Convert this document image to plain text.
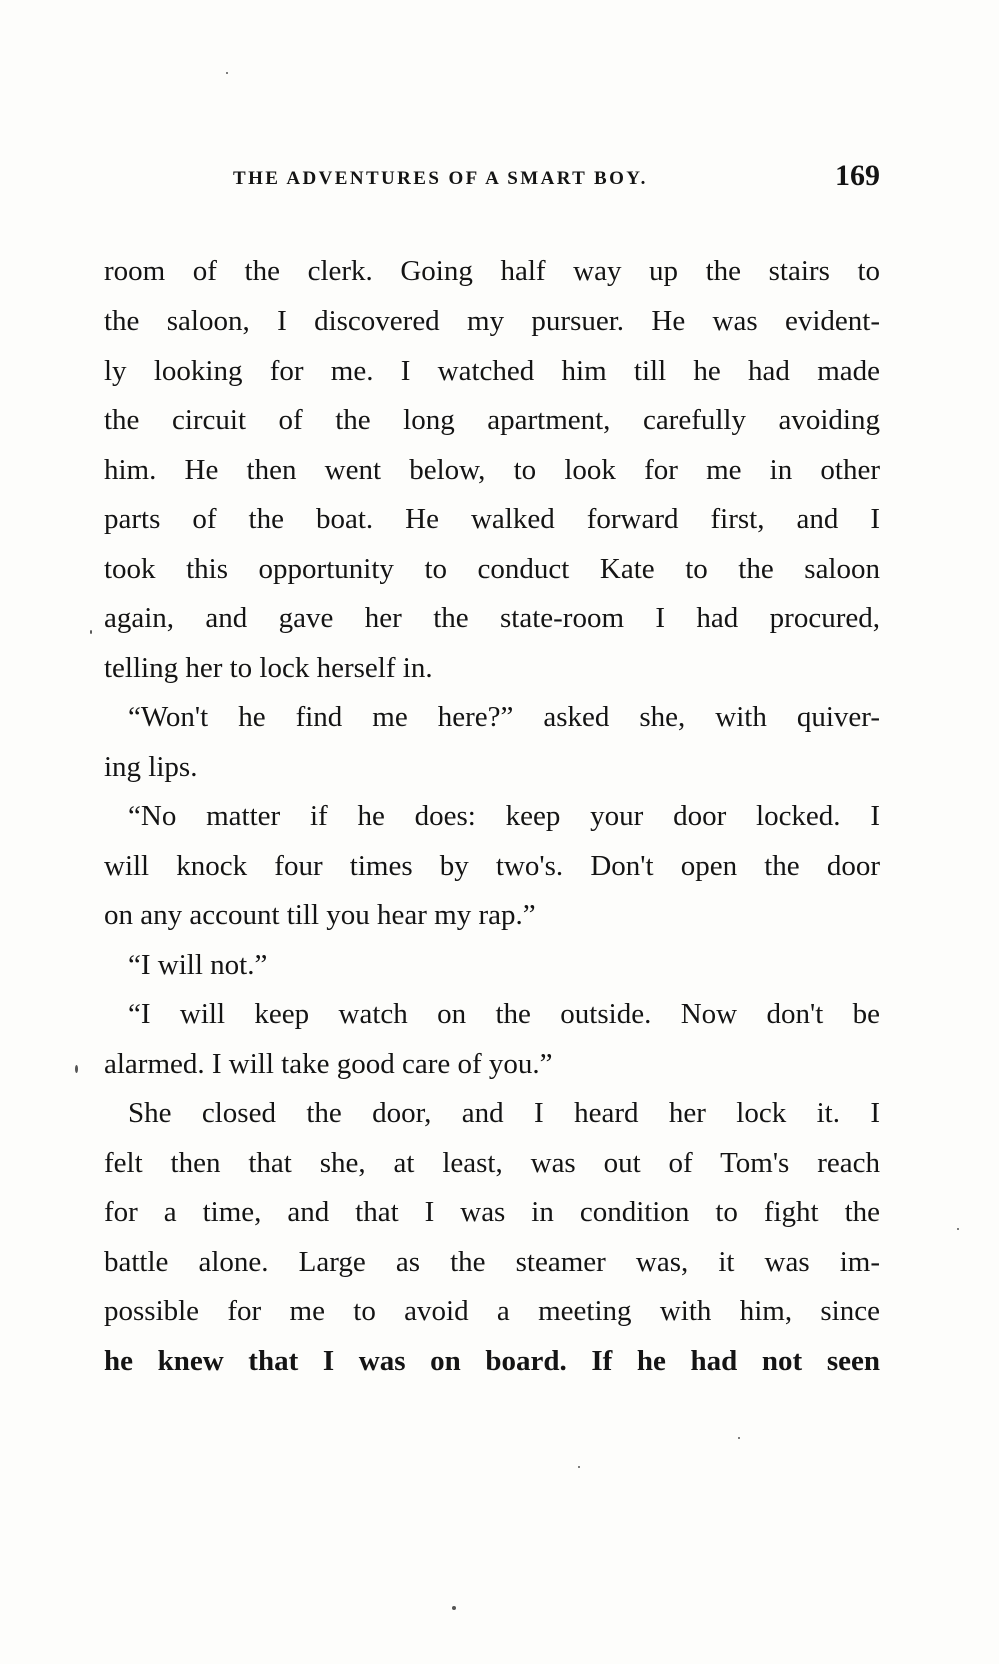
THE ADVENTURES OF A SMART BOY.	169
room of the clerk. Going half way up the stairs to
the saloon, I discovered my pursuer. He was evident-
ly looking for me. I watched him till he had made
the circuit of the long apartment, carefully avoiding
him. He then went below, to look for me in other
parts of the boat. He walked forward first, and I
took this opportunity to conduct Kate to the saloon
again, and gave her the state-room I had procured,
telling her to lock herself in.
“Won't he find me here?” asked she, with quiver-
ing lips.
“No matter if he does: keep your door locked. I
will knock four times by two's. Don't open the door
on any account till you hear my rap.”
“I will not.”
“I will keep watch on the outside. Now don't be
alarmed. I will take good care of you.”
She closed the door, and I heard her lock it. I
felt then that she, at least, was out of Tom's reach
for a time, and that I was in condition to fight the
battle alone. Large as the steamer was, it was im-
possible for me to avoid a meeting with him, since
he knew that I was on board. If he had not seen
